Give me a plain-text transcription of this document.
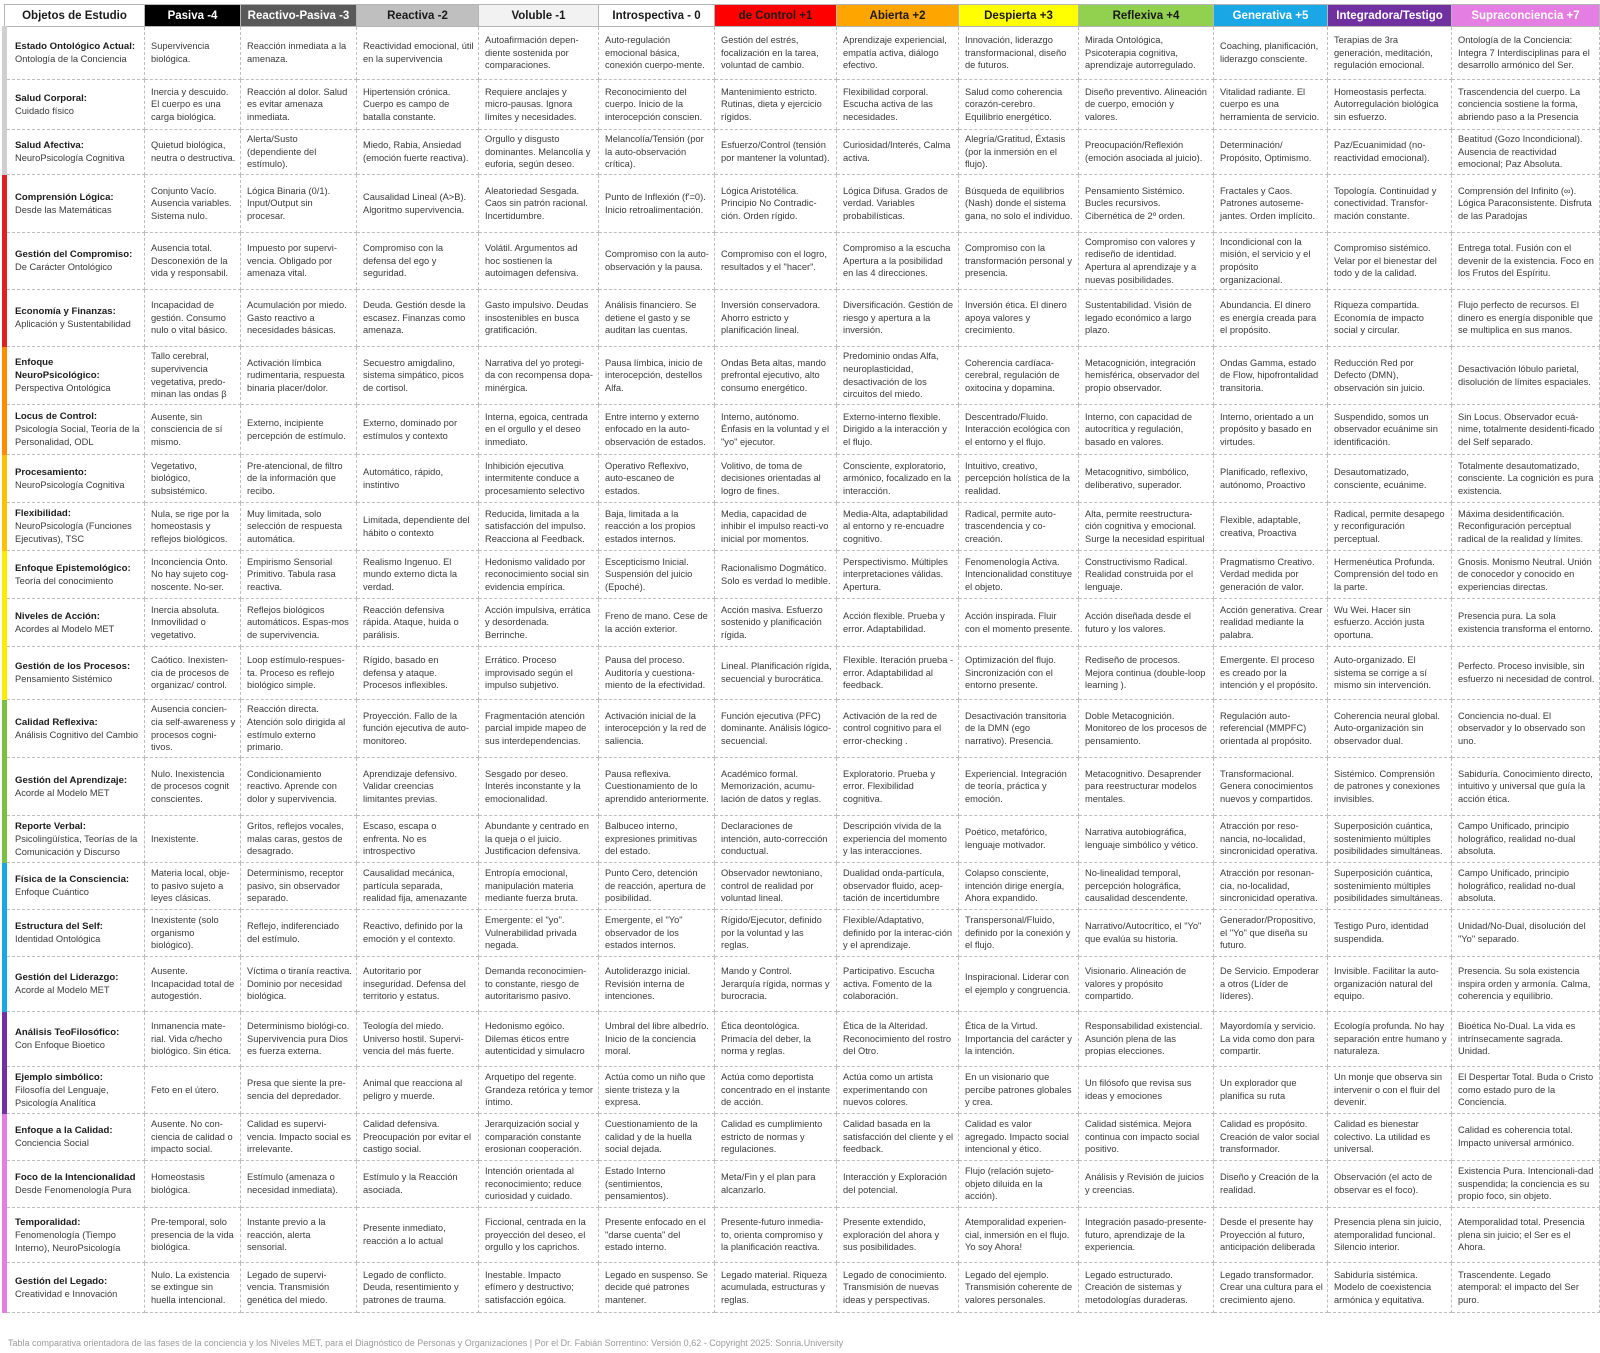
Objetos de Estudio	Pasiva -4	Reactivo-Pasiva -3	Reactiva -2	Voluble -1	Introspectiva - 0	de Control +1	Abierta +2	Despierta +3	Reflexiva +4	Generativa +5	Integradora/Testigo	Supraconciencia +7

Estado Ontológico Actual:
Ontología de la Conciencia	Supervivencia biológica.	Reacción inmediata a la amenaza.	Reactividad emocional, útil en la supervivencia	Autoafirmación depen-diente sostenida por comparaciones.	Auto-regulación emocional básica, conexión cuerpo-mente.	Gestión del estrés, focalización en la tarea, voluntad de cambio.	Aprendizaje experiencial, empatía activa, diálogo efectivo.	Innovación, liderazgo transformacional, diseño de futuros.	Mirada Ontológica, Psicoterapia cognitiva, aprendizaje autorregulado.	Coaching, planificación, liderazgo consciente.	Terapias de 3ra generación, meditación, regulación emocional.	Ontología de la Conciencia: Integra 7 Interdisciplinas para el desarrollo armónico del Ser.

Salud Corporal:
Cuidado físico	Inercia y descuido. El cuerpo es una carga biológica.	Reacción al dolor. Salud es evitar amenaza inmediata.	Hipertensión crónica. Cuerpo es campo de batalla constante.	Requiere anclajes y micro-pausas. Ignora límites y necesidades.	Reconocimiento del cuerpo. Inicio de la interocepción conscien.	Mantenimiento estricto. Rutinas, dieta y ejercicio rígidos.	Flexibilidad corporal. Escucha activa de las necesidades.	Salud como coherencia corazón-cerebro. Equilibrio energético.	Diseño preventivo. Alineación de cuerpo, emoción y valores.	Vitalidad radiante. El cuerpo es una herramienta de servicio.	Homeostasis perfecta. Autorregulación biológica sin esfuerzo.	Trascendencia del cuerpo. La conciencia sostiene la forma, abriendo paso a la Presencia

Salud Afectiva:
NeuroPsicología Cognitiva	Quietud biológica, neutra o destructiva.	Alerta/Susto (dependiente del estímulo).	Miedo, Rabia, Ansiedad (emoción fuerte reactiva).	Orgullo y disgusto dominantes. Melancolía y euforia, según deseo.	Melancolía/Tensión (por la auto-observación crítica).	Esfuerzo/Control (tensión por mantener la voluntad).	Curiosidad/Interés, Calma activa.	Alegría/Gratitud, Éxtasis (por la inmersión en el flujo).	Preocupación/Reflexión (emoción asociada al juicio).	Determinación/ Propósito, Optimismo.	Paz/Ecuanimidad (no-reactividad emocional).	Beatitud (Gozo Incondicional). Ausencia de reactividad emocional; Paz Absoluta.

Comprensión Lógica:
Desde las Matemáticas	Conjunto Vacío. Ausencia variables. Sistema nulo.	Lógica Binaria (0/1). Input/Output sin procesar.	Causalidad Lineal (A>B). Algoritmo supervivencia.	Aleatoriedad Sesgada. Caos sin patrón racional. Incertidumbre.	Punto de Inflexión (f'=0). Inicio retroalimentación.	Lógica Aristotélica. Principio No Contradic-ción. Orden rígido.	Lógica Difusa. Grados de verdad. Variables probabilísticas.	Búsqueda de equilibrios (Nash) donde el sistema gana, no solo el individuo.	Pensamiento Sistémico. Bucles recursivos. Cibernética de 2º orden.	Fractales y Caos. Patrones autoseme-jantes. Orden implícito.	Topología. Continuidad y conectividad. Transfor-mación constante.	Comprensión del Infinito (∞). Lógica Paraconsistente. Disfruta de las Paradojas

Gestión del Compromiso:
De Carácter Ontológico	Ausencia total. Desconexión de la vida y responsabil.	Impuesto por supervi-vencia. Obligado por amenaza vital.	Compromiso con la defensa del ego y seguridad.	Volátil. Argumentos ad hoc sostienen la autoimagen defensiva.	Compromiso con la auto-observación y la pausa.	Compromiso con el logro, resultados y el "hacer".	Compromiso a la escucha Apertura a la posibilidad en las 4 direcciones.	Compromiso con la transformación personal y presencia.	Compromiso con valores y rediseño de identidad. Apertura al aprendizaje y a nuevas posibilidades.	Incondicional con la misión, el servicio y el propósito organizacional.	Compromiso sistémico. Velar por el bienestar del todo y de la calidad.	Entrega total. Fusión con el devenir de la existencia. Foco en los Frutos del Espíritu.

Economía y Finanzas:
Aplicación y Sustentabilidad	Incapacidad de gestión. Consumo nulo o vital básico.	Acumulación por miedo. Gasto reactivo a necesidades básicas.	Deuda. Gestión desde la escasez. Finanzas como amenaza.	Gasto impulsivo. Deudas insostenibles en busca gratificación.	Análisis financiero. Se detiene el gasto y se auditan las cuentas.	Inversión conservadora. Ahorro estricto y planificación lineal.	Diversificación. Gestión de riesgo y apertura a la inversión.	Inversión ética. El dinero apoya valores y crecimiento.	Sustentabilidad. Visión de legado económico a largo plazo.	Abundancia. El dinero es energía creada para el propósito.	Riqueza compartida. Economía de impacto social y circular.	Flujo perfecto de recursos. El dinero es energía disponible que se multiplica en sus manos.

Enfoque NeuroPsicológico:
Perspectiva Ontológica	Tallo cerebral, supervivencia vegetativa, predo-minan las ondas β	Activación límbica rudimentaria, respuesta binaria placer/dolor.	Secuestro amigdalino, sistema simpático, picos de cortisol.	Narrativa del yo protegi-da con recompensa dopa-minérgica.	Pausa límbica, inicio de interocepción, destellos Alfa.	Ondas Beta altas, mando prefrontal ejecutivo, alto consumo energético.	Predominio ondas Alfa, neuroplasticidad, desactivación de los circuitos del miedo.	Coherencia cardíaca-cerebral, regulación de oxitocina y dopamina.	Metacognición, integración hemisférica, observador del propio observador.	Ondas Gamma, estado de Flow, hipofrontalidad transitoria.	Reducción Red por Defecto (DMN), observación sin juicio.	Desactivación lóbulo parietal, disolución de límites espaciales.

Locus de Control:
Psicología Social, Teoría de la Personalidad, ODL	Ausente, sin consciencia de sí mismo.	Externo, incipiente percepción de estímulo.	Externo, dominado por estímulos y contexto	Interna, egoica, centrada en el orgullo y el deseo inmediato.	Entre interno y externo enfocado en la auto-observación de estados.	Interno, autónomo. Énfasis en la voluntad y el "yo" ejecutor.	Externo-interno flexible. Dirigido a la interacción y el flujo.	Descentrado/Fluido. Interacción ecológica con el entorno y el flujo.	Interno, con capacidad de autocrítica y regulación, basado en valores.	Interno, orientado a un propósito y basado en virtudes.	Suspendido, somos un observador ecuánime sin identificación.	Sin Locus. Observador ecuá-nime, totalmente desidenti-ficado del Self separado.

Procesamiento:
NeuroPsicología Cognitiva	Vegetativo, biológico, subsistémico.	Pre-atencional, de filtro de la información que recibo.	Automático, rápido, instintivo	Inhibición ejecutiva intermitente conduce a procesamiento selectivo	Operativo Reflexivo, auto-escaneo de estados.	Volitivo, de toma de decisiones orientadas al logro de fines.	Consciente, exploratorio, armónico, focalizado en la interacción.	Intuitivo, creativo, percepción holística de la realidad.	Metacognitivo, simbólico, deliberativo, superador.	Planificado, reflexivo, autónomo, Proactivo	Desautomatizado, consciente, ecuánime.	Totalmente desautomatizado, consciente. La cognición es pura existencia.

Flexibilidad:
NeuroPsicología (Funciones Ejecutivas), TSC	Nula, se rige por la homeostasis y reflejos biológicos.	Muy limitada, solo selección de respuesta automática.	Limitada, dependiente del hábito o contexto	Reducida, limitada a la satisfacción del impulso. Reacciona al Feedback.	Baja, limitada a la reacción a los propios estados internos.	Media, capacidad de inhibir el impulso reacti-vo inicial por momentos.	Media-Alta, adaptabilidad al entorno y re-encuadre cognitivo.	Radical, permite auto-trascendencia y co-creación.	Alta, permite reestructura-ción cognitiva y emocional. Surge la necesidad espiritual	Flexible, adaptable, creativa, Proactiva	Radical, permite desapego y reconfiguración perceptual.	Máxima desidentificación. Reconfiguración perceptual radical de la realidad y límites.

Enfoque Epistemológico:
Teoría del conocimiento	Inconciencia Onto. No hay sujeto cog-noscente. No-ser.	Empirismo Sensorial Primitivo. Tabula rasa reactiva.	Realismo Ingenuo. El mundo externo dicta la verdad.	Hedonismo validado por reconocimiento social sin evidencia empírica.	Escepticismo Inicial. Suspensión del juicio (Epoché).	Racionalismo Dogmático. Solo es verdad lo medible.	Perspectivismo. Múltiples interpretaciones válidas. Apertura.	Fenomenología Activa. Intencionalidad constituye el objeto.	Constructivismo Radical. Realidad construida por el lenguaje.	Pragmatismo Creativo. Verdad medida por generación de valor.	Hermenéutica Profunda. Comprensión del todo en la parte.	Gnosis. Monismo Neutral. Unión de conocedor y conocido en experiencias directas.

Niveles de Acción:
Acordes al Modelo MET	Inercia absoluta. Inmovilidad o vegetativo.	Reflejos biológicos automáticos. Espas-mos de supervivencia.	Reacción defensiva rápida. Ataque, huida o parálisis.	Acción impulsiva, errática y desordenada. Berrinche.	Freno de mano. Cese de la acción exterior.	Acción masiva. Esfuerzo sostenido y planificación rígida.	Acción flexible. Prueba y error. Adaptabilidad.	Acción inspirada. Fluir con el momento presente.	Acción diseñada desde el futuro y los valores.	Acción generativa. Crear realidad mediante la palabra.	Wu Wei. Hacer sin esfuerzo. Acción justa oportuna.	Presencia pura. La sola existencia transforma el entorno.

Gestión de los Procesos:
Pensamiento Sistémico	Caótico. Inexisten-cia de procesos de organizac/ control.	Loop estímulo-respues-ta. Proceso es reflejo biológico simple.	Rígido, basado en defensa y ataque. Procesos inflexibles.	Errático. Proceso improvisado según el impulso subjetivo.	Pausa del proceso. Auditoría y cuestiona-miento de la efectividad.	Lineal. Planificación rígida, secuencial y burocrática.	Flexible. Iteración prueba - error. Adaptabilidad al feedback.	Optimización del flujo. Sincronización con el entorno presente.	Rediseño de procesos. Mejora continua (double-loop learning ).	Emergente. El proceso es creado por la intención y el propósito.	Auto-organizado. El sistema se corrige a sí mismo sin intervención.	Perfecto. Proceso invisible, sin esfuerzo ni necesidad de control.

Calidad Reflexiva:
Análisis Cognitivo del Cambio	Ausencia concien-cia self-awareness y procesos cogni-tivos.	Reacción directa. Atención solo dirigida al estímulo externo primario.	Proyección. Fallo de la función ejecutiva de auto-monitoreo.	Fragmentación atención parcial impide mapeo de sus interdependencias.	Activación inicial de la interocepción y la red de saliencia.	Función ejecutiva (PFC) dominante. Análisis lógico-secuencial.	Activación de la red de control cognitivo para el error-checking .	Desactivación transitoria de la DMN (ego narrativo). Presencia.	Doble Metacognición. Monitoreo de los procesos de pensamiento.	Regulación auto-referencial (MMPFC) orientada al propósito.	Coherencia neural global. Auto-organización sin observador dual.	Conciencia no-dual. El observador y lo observado son uno.

Gestión del Aprendizaje:
Acorde al Modelo MET	Nulo. Inexistencia de procesos cognit conscientes.	Condicionamiento reactivo. Aprende con dolor y supervivencia.	Aprendizaje defensivo. Validar creencias limitantes previas.	Sesgado por deseo. Interés inconstante y la emocionalidad.	Pausa reflexiva. Cuestionamiento de lo aprendido anteriormente.	Académico formal. Memorización, acumu-lación de datos y reglas.	Exploratorio. Prueba y error. Flexibilidad cognitiva.	Experiencial. Integración de teoría, práctica y emoción.	Metacognitivo. Desaprender para reestructurar modelos mentales.	Transformacional. Genera conocimientos nuevos y compartidos.	Sistémico. Comprensión de patrones y conexiones invisibles.	Sabiduría. Conocimiento directo, intuitivo y universal que guía la acción ética.

Reporte Verbal:
Psicolingüística, Teorías de la Comunicación y Discurso	Inexistente.	Gritos, reflejos vocales, malas caras, gestos de desagrado.	Escaso, escapa o enfrenta. No es introspectivo	Abundante y centrado en la queja o el juicio. Justificacion defensiva.	Balbuceo interno, expresiones primitivas del estado.	Declaraciones de intención, auto-corrección conductual.	Descripción vívida de la experiencia del momento y las interacciones.	Poético, metafórico, lenguaje motivador.	Narrativa autobiográfica, lenguaje simbólico y vético.	Atracción por reso-nancia, no-localidad, sincronicidad operativa.	Superposición cuántica, sostenimiento múltiples posibilidades simultáneas.	Campo Unificado, principio holográfico, realidad no-dual absoluta.

Física de la Consciencia:
Enfoque Cuántico	Materia local, obje-to pasivo sujeto a leyes clásicas.	Determinismo, receptor pasivo, sin observador separado.	Causalidad mecánica, partícula separada, realidad fija, amenazante	Entropía emocional, manipulación materia mediante fuerza bruta.	Punto Cero, detención de reacción, apertura de posibilidad.	Observador newtoniano, control de realidad por voluntad lineal.	Dualidad onda-partícula, observador fluido, acep-tación de incertidumbre	Colapso consciente, intención dirige energía, Ahora expandido.	No-linealidad temporal, percepción holográfica, causalidad descendente.	Atracción por resonan-cia, no-localidad, sincronicidad operativa.	Superposición cuántica, sostenimiento múltiples posibilidades simultáneas.	Campo Unificado, principio holográfico, realidad no-dual absoluta.

Estructura del Self:
Identidad Ontológica	Inexistente (solo organismo biológico).	Reflejo, indiferenciado del estímulo.	Reactivo, definido por la emoción y el contexto.	Emergente: el "yo". Vulnerabilidad privada negada.	Emergente, el "Yo" observador de los estados internos.	Rígido/Ejecutor, definido por la voluntad y las reglas.	Flexible/Adaptativo, definido por la interac-ción y el aprendizaje.	Transpersonal/Fluido, definido por la conexión y el flujo.	Narrativo/Autocrítico, el "Yo" que evalúa su historia.	Generador/Propositivo, el "Yo" que diseña su futuro.	Testigo Puro, identidad suspendida.	Unidad/No-Dual, disolución del "Yo" separado.

Gestión del Liderazgo:
Acorde al Modelo MET	Ausente. Incapacidad total de autogestión.	Víctima o tiranía reactiva. Dominio por necesidad biológica.	Autoritario por inseguridad. Defensa del territorio y estatus.	Demanda reconocimien-to constante, riesgo de autoritarismo pasivo.	Autoliderazgo inicial. Revisión interna de intenciones.	Mando y Control. Jerarquía rígida, normas y burocracia.	Participativo. Escucha activa. Fomento de la colaboración.	Inspiracional. Liderar con el ejemplo y congruencia.	Visionario. Alineación de valores y propósito compartido.	De Servicio. Empoderar a otros (Líder de líderes).	Invisible. Facilitar la auto-organización natural del equipo.	Presencia. Su sola existencia inspira orden y armonía. Calma, coherencia y equilibrio.

Análisis TeoFilosófico:
Con Enfoque Bioetico	Inmanencia mate-rial. Vida c/hecho biológico. Sin ética.	Determinismo biológi-co. Supervivencia pura Dios es fuerza externa.	Teología del miedo. Universo hostil. Supervi-vencia del más fuerte.	Hedonismo egóico. Dilemas éticos entre autenticidad y simulacro	Umbral del libre albedrío. Inicio de la conciencia moral.	Ética deontológica. Primacía del deber, la norma y reglas.	Ética de la Alteridad. Reconocimiento del rostro del Otro.	Ética de la Virtud. Importancia del carácter y la intención.	Responsabilidad existencial. Asunción plena de las propias elecciones.	Mayordomía y servicio. La vida como don para compartir.	Ecología profunda. No hay separación entre humano y naturaleza.	Bioética No-Dual. La vida es intrínsecamente sagrada. Unidad.

Ejemplo simbólico:
Filosofía del Lenguaje, Psicología Analítica	Feto en el útero.	Presa que siente la pre-sencia del depredador.	Animal que reacciona al peligro y muerde.	Arquetipo del regente. Grandeza retórica y temor íntimo.	Actúa como un niño que siente tristeza y la expresa.	Actúa como deportista concentrado en el instante de acción.	Actúa como un artista experimentando con nuevos colores.	En un visionario que percibe patrones globales y crea.	Un filósofo que revisa sus ideas y emociones	Un explorador que planifica su ruta	Un monje que observa sin intervenir o con el fluir del devenir.	El Despertar Total. Buda o Cristo como estado puro de la Conciencia.

Enfoque a la Calidad:
Conciencia Social	Ausente. No con-ciencia de calidad o impacto social.	Calidad es supervi-vencia. Impacto social es irrelevante.	Calidad defensiva. Preocupación por evitar el castigo social.	Jerarquización social y comparación constante erosionan cooperación.	Cuestionamiento de la calidad y de la huella social dejada.	Calidad es cumplimiento estricto de normas y regulaciones.	Calidad basada en la satisfacción del cliente y el feedback.	Calidad es valor agregado. Impacto social intencional y ético.	Calidad sistémica. Mejora continua con impacto social positivo.	Calidad es propósito. Creación de valor social transformador.	Calidad es bienestar colectivo. La utilidad es universal.	Calidad es coherencia total. Impacto universal armónico.

Foco de la Intencionalidad
Desde Fenomenología Pura	Homeostasis biológica.	Estímulo (amenaza o necesidad inmediata).	Estímulo y la Reacción asociada.	Intención orientada al reconocimiento; reduce curiosidad y cuidado.	Estado Interno (sentimientos, pensamientos).	Meta/Fin y el plan para alcanzarlo.	Interacción y Exploración del potencial.	Flujo (relación sujeto-objeto diluida en la acción).	Análisis y Revisión de juicios y creencias.	Diseño y Creación de la realidad.	Observación (el acto de observar es el foco).	Existencia Pura. Intencionali-dad suspendida; la conciencia es su propio foco, sin objeto.

Temporalidad:
Fenomenología (Tiempo Interno), NeuroPsicología	Pre-temporal, solo presencia de la vida biológica.	Instante previo a la reacción, alerta sensorial.	Presente inmediato, reacción a lo actual	Ficcional, centrada en la proyección del deseo, el orgullo y los caprichos.	Presente enfocado en el "darse cuenta" del estado interno.	Presente-futuro inmedia-to, orienta compromiso y la planificación reactiva.	Presente extendido, exploración del ahora y sus posibilidades.	Atemporalidad experien-cial, inmersión en el flujo. Yo soy Ahora!	Integración pasado-presente-futuro, aprendizaje de la experiencia.	Desde el presente hay Proyección al futuro, anticipación deliberada	Presencia plena sin juicio, atemporalidad funcional. Silencio interior.	Atemporalidad total. Presencia plena sin juicio; el Ser es el Ahora.

Gestión del Legado:
Creatividad e Innovación	Nulo. La existencia se extingue sin huella intencional.	Legado de supervi-vencia. Transmisión genética del miedo.	Legado de conflicto. Deuda, resentimiento y patrones de trauma.	Inestable. Impacto efímero y destructivo; satisfacción egóica.	Legado en suspenso. Se decide qué patrones mantener.	Legado material. Riqueza acumulada, estructuras y reglas.	Legado de conocimiento. Transmisión de nuevas ideas y perspectivas.	Legado del ejemplo. Transmisión coherente de valores personales.	Legado estructurado. Creación de sistemas y metodologías duraderas.	Legado transformador. Crear una cultura para el crecimiento ajeno.	Sabiduría sistémica. Modelo de coexistencia armónica y equitativa.	Trascendente. Legado atemporal: el impacto del Ser puro.
Tabla comparativa orientadora de las fases de la conciencia y los Niveles MET, para el Diagnóstico de Personas y Organizaciones | Por el Dr. Fabián Sorrentino: Versión 0,62 - Copyright 2025: Sonria.University
